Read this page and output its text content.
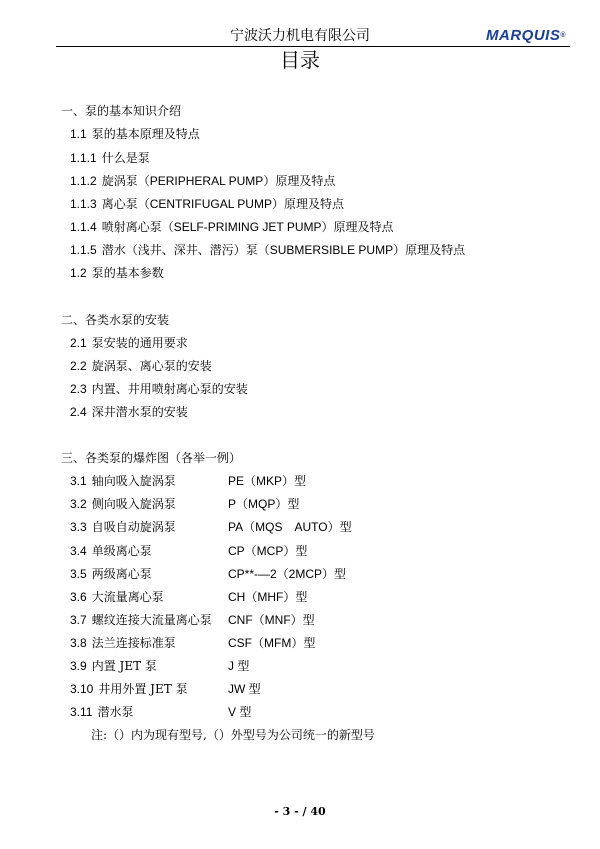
宁波沃力机电有限公司	MARQUIS®
目录
一、泵的基本知识介绍
1.1 泵的基本原理及特点
1.1.1 什么是泵
1.1.2 旋涡泵（PERIPHERAL PUMP）原理及特点
1.1.3 离心泵（CENTRIFUGAL PUMP）原理及特点
1.1.4 喷射离心泵（SELF-PRIMING JET PUMP）原理及特点
1.1.5 潜水（浅井、深井、潜污）泵（SUBMERSIBLE PUMP）原理及特点
1.2 泵的基本参数
二、各类水泵的安装
2.1 泵安装的通用要求
2.2 旋涡泵、离心泵的安装
2.3 内置、井用喷射离心泵的安装
2.4 深井潜水泵的安装
三、各类泵的爆炸图（各举一例）
3.1 轴向吸入旋涡泵	PE（MKP）型
3.2 侧向吸入旋涡泵	P（MQP）型
3.3 自吸自动旋涡泵	PA（MQS　AUTO）型
3.4 单级离心泵	CP（MCP）型
3.5 两级离心泵	CP**-—2（2MCP）型
3.6 大流量离心泵	CH（MHF）型
3.7 螺纹连接大流量离心泵 CNF（MNF）型
3.8 法兰连接标准泵	CSF（MFM）型
3.9 内置 JET 泵	J 型
3.10 井用外置 JET 泵	JW 型
3.11 潜水泵	V 型
注:（）内为现有型号,（）外型号为公司统一的新型号
- 3 - / 40
